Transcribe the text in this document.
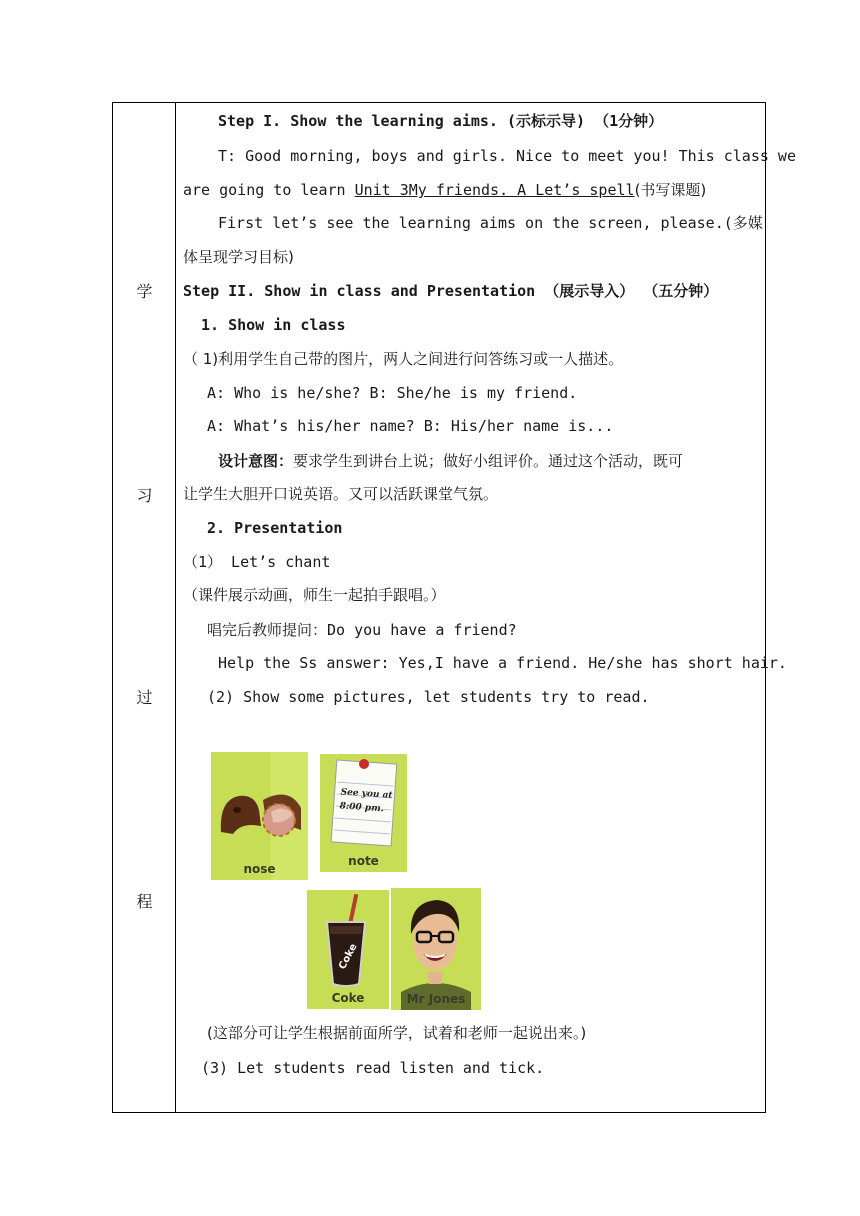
学
习
过
程
Step I. Show the learning aims. (示标示导) （1分钟）
T: Good morning, boys and girls. Nice to meet you! This class we
are going to learn Unit 3My friends. A Let’s spell(书写课题)
First let’s see the learning aims on the screen, please.(多媒
体呈现学习目标)
Step II. Show in class and Presentation （展示导入） （五分钟）
1. Show in class
（ 1)利用学生自己带的图片，两人之间进行问答练习或一人描述。
A: Who is he/she? B: She/he is my friend.
A: What’s his/her name? B: His/her name is...
设计意图：要求学生到讲台上说；做好小组评价。通过这个活动，既可
让学生大胆开口说英语。又可以活跃课堂气氛。
2. Presentation
（1） Let’s chant
（课件展示动画，师生一起拍手跟唱。）
唱完后教师提问：Do you have a friend?
Help the Ss answer: Yes,I have a friend. He/she has short hair.
(2) Show some pictures, let students try to read.
nose
See you at
8:00 pm.
note
Coke
Coke	Mr Jones
(这部分可让学生根据前面所学，试着和老师一起说出来。)
(3) Let students read listen and tick.
